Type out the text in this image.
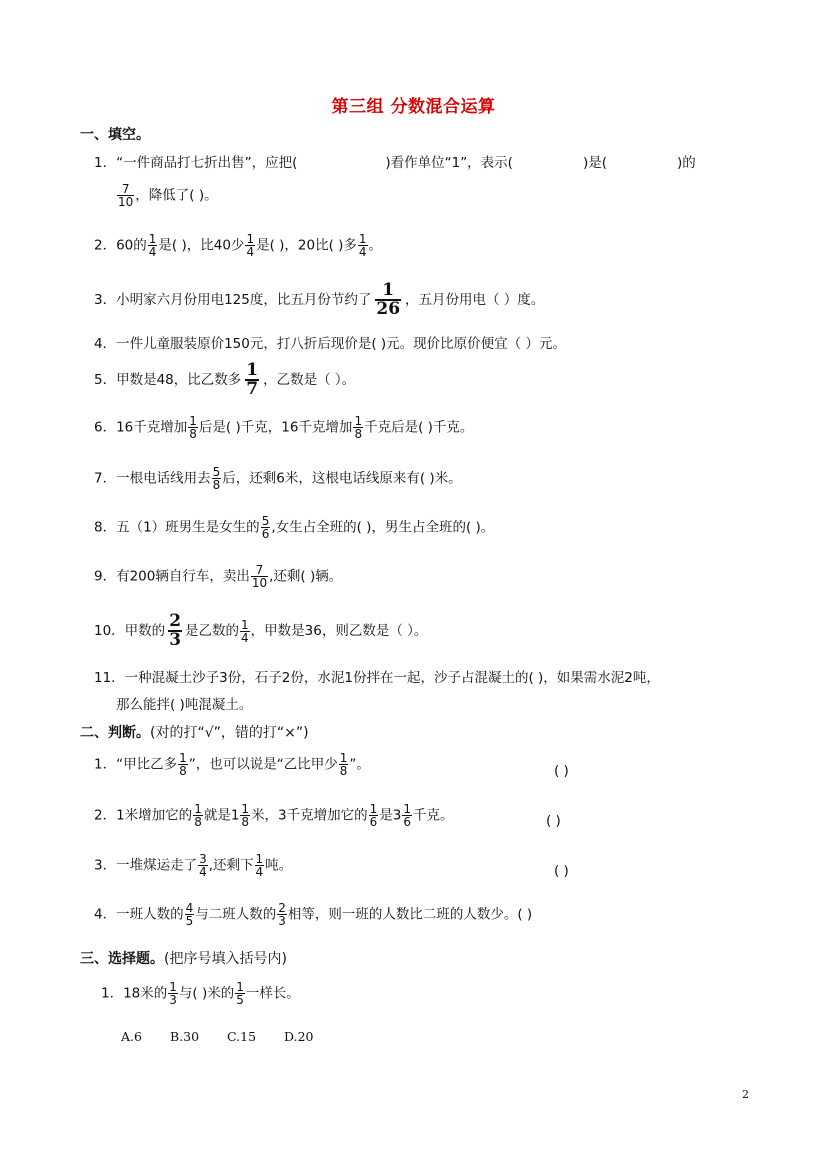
第三组 分数混合运算
一、填空。
1．“一件商品打七折出售”，应把(	)看作单位“1”，表示(	)是(	)的
$\frac{7}{10}$ ，降低了( )。
2．60的 $\frac{1}{4}$ 是( )，比40少 $\frac{1}{4}$ 是( )，20比( )多 $\frac{1}{4}$ 。
3．小明家六月份用电125度，比五月份节约了 $\frac{1}{26}$ ，五月份用电（ ）度。
4．一件儿童服装原价150元，打八折后现价是( )元。现价比原价便宜（ ）元。
5．甲数是48，比乙数多 $\frac{1}{7}$ ，乙数是（ ）。
6．16千克增加 $\frac{1}{8}$ 后是( )千克，16千克增加 $\frac{1}{8}$ 千克后是( )千克。
7．一根电话线用去 $\frac{5}{8}$ 后，还剩6米，这根电话线原来有( )米。
8．五（1）班男生是女生的 $\frac{5}{6}$ ,女生占全班的( )，男生占全班的( )。
9．有200辆自行车，卖出 $\frac{7}{10}$ ,还剩( )辆。
10．甲数的 $\frac{2}{3}$ 是乙数的 $\frac{1}{4}$ ，甲数是36，则乙数是（ ）。
11．一种混凝土沙子3份，石子2份，水泥1份拌在一起，沙子占混凝土的( )，如果需水泥2吨，
那么能拌( )吨混凝土。
二、判断。(对的打“√”，错的打“×”)
1．“甲比乙多 $\frac{1}{8}$ ”，也可以说是“乙比甲少 $\frac{1}{8}$ ”。	( )
2．1米增加它的 $\frac{1}{8}$ 就是$1 \frac{1}{8}$ 米，3千克增加它的 $\frac{1}{6}$ 是$3 \frac{1}{6}$ 千克。	( )
3．一堆煤运走了 $\frac{3}{4}$ ,还剩下 $\frac{1}{4}$ 吨。	( )
4．一班人数的 $\frac{4}{5}$ 与二班人数的 $\frac{2}{3}$ 相等，则一班的人数比二班的人数少。( )
三、选择题。(把序号填入括号内)
1．18米的 $\frac{1}{3}$ 与( )米的 $\frac{1}{5}$ 一样长。
A.6 B.30 C.15 D.20
2
